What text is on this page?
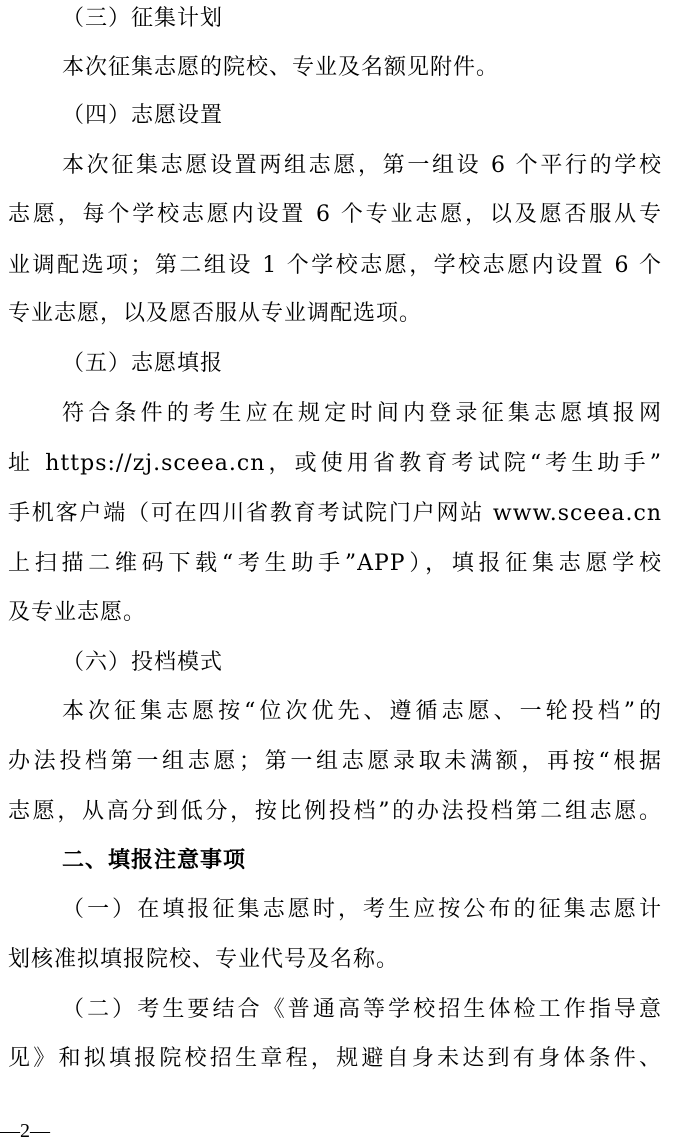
（三）征集计划
本次征集志愿的院校、专业及名额见附件。
（四）志愿设置
本次征集志愿设置两组志愿，第一组设 6 个平行的学校
志愿，每个学校志愿内设置 6 个专业志愿，以及愿否服从专
业调配选项；第二组设 1 个学校志愿，学校志愿内设置 6 个
专业志愿，以及愿否服从专业调配选项。
（五）志愿填报
符合条件的考生应在规定时间内登录征集志愿填报网
址 https://zj.sceea.cn，或使用省教育考试院“考生助手”
手机客户端（可在四川省教育考试院门户网站 www.sceea.cn
上扫描二维码下载“考生助手”APP），填报征集志愿学校
及专业志愿。
（六）投档模式
本次征集志愿按“位次优先、遵循志愿、一轮投档”的
办法投档第一组志愿；第一组志愿录取未满额，再按“根据
志愿，从高分到低分，按比例投档”的办法投档第二组志愿。
二、填报注意事项
（一）在填报征集志愿时，考生应按公布的征集志愿计
划核准拟填报院校、专业代号及名称。
（二）考生要结合《普通高等学校招生体检工作指导意
见》和拟填报院校招生章程，规避自身未达到有身体条件、
—2—
